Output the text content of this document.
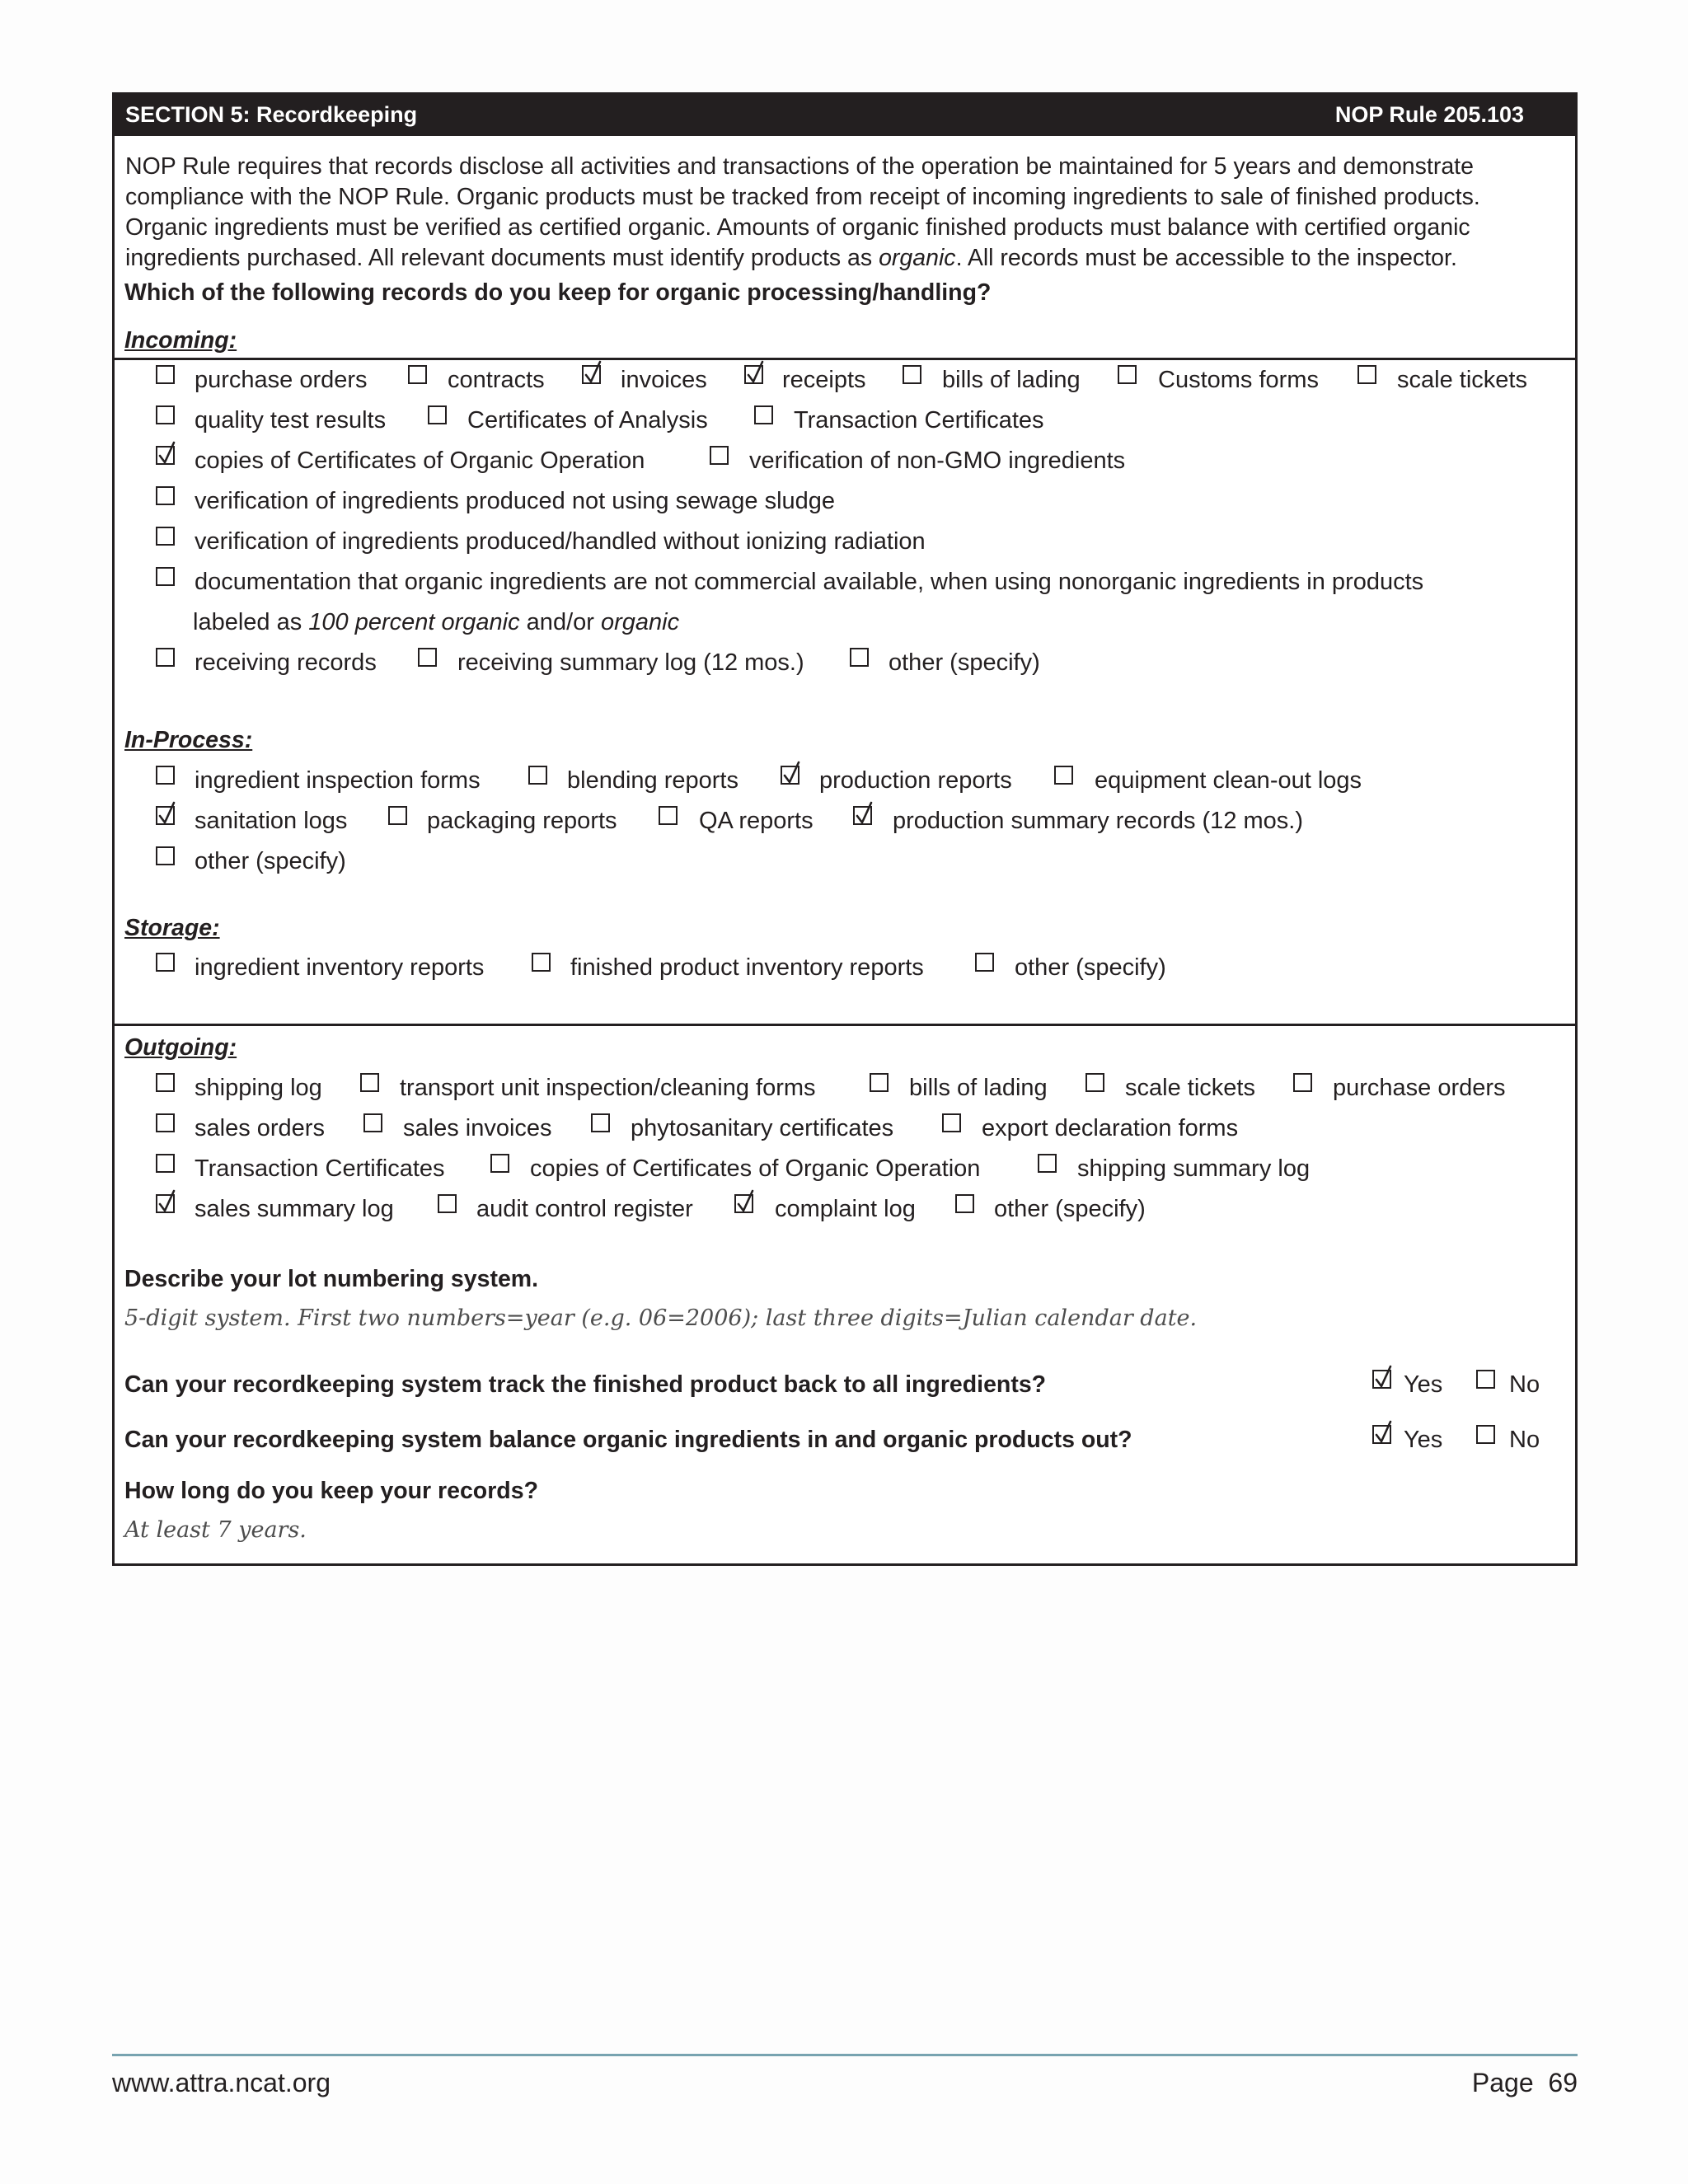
SECTION 5: Recordkeeping	NOP Rule 205.103

NOP Rule requires that records disclose all activities and transactions of the operation be maintained for 5 years and demonstrate

compliance with the NOP Rule. Organic products must be tracked from receipt of incoming ingredients to sale of finished products.

Organic ingredients must be verified as certified organic. Amounts of organic finished products must balance with certified organic

ingredients purchased. All relevant documents must identify products as organic. All records must be accessible to the inspector.

Which of the following records do you keep for organic processing/handling?
Incoming:
purchase orders	contracts	invoices	receipts	bills of lading	Customs forms	scale tickets
quality test results	Certificates of Analysis	Transaction Certificates
copies of Certificates of Organic Operation	verification of non-GMO ingredients
verification of ingredients produced not using sewage sludge
verification of ingredients produced/handled without ionizing radiation
documentation that organic ingredients are not commercial available, when using nonorganic ingredients in products
labeled as 100 percent organic and/or organic
receiving records	receiving summary log (12 mos.)	other (specify)
In-Process:
ingredient inspection forms	blending reports	production reports	equipment clean-out logs
sanitation logs	packaging reports	QA reports	production summary records (12 mos.)
other (specify)
Storage:
ingredient inventory reports	finished product inventory reports	other (specify)
Outgoing:
shipping log	transport unit inspection/cleaning forms	bills of lading	scale tickets	purchase orders
sales orders	sales invoices	phytosanitary certificates	export declaration forms
Transaction Certificates	copies of Certificates of Organic Operation	shipping summary log
sales summary log	audit control register	complaint log	other (specify)
Describe your lot numbering system.
5-digit system. First two numbers=year (e.g. 06=2006); last three digits=Julian calendar date.
Can your recordkeeping system track the finished product back to all ingredients?	Yes	No
Can your recordkeeping system balance organic ingredients in and organic products out?	Yes	No
How long do you keep your records?
At least 7 years.
www.attra.ncat.org	Page  69
